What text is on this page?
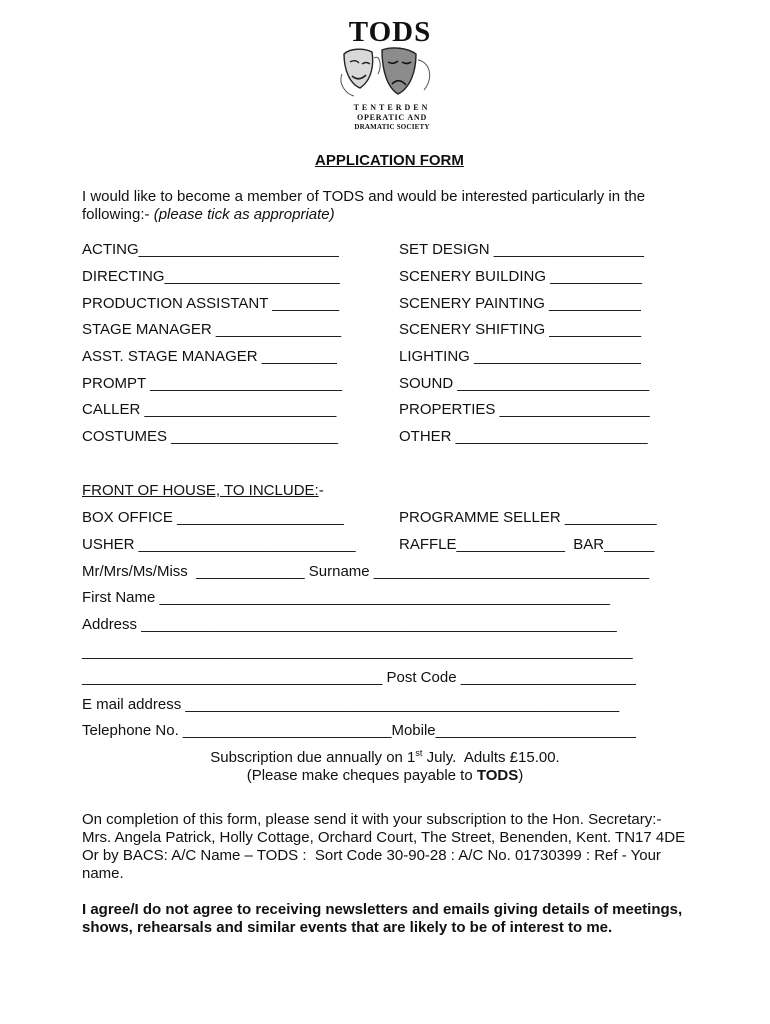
TODS
TENTERDEN
OPERATIC AND
DRAMATIC SOCIETY
APPLICATION FORM
I would like to become a member of TODS and would be interested particularly in the
following:- (please tick as appropriate)
ACTING________________________
DIRECTING_____________________
PRODUCTION ASSISTANT ________
STAGE MANAGER _______________
ASST. STAGE MANAGER _________
PROMPT _______________________
CALLER _______________________
COSTUMES ____________________
SET DESIGN __________________
SCENERY BUILDING ___________
SCENERY PAINTING ___________
SCENERY SHIFTING ___________
LIGHTING ____________________
SOUND _______________________
PROPERTIES __________________
OTHER _______________________
FRONT OF HOUSE, TO INCLUDE:-
BOX OFFICE ____________________
USHER __________________________
PROGRAMME SELLER ___________
RAFFLE_____________  BAR______
Mr/Mrs/Ms/Miss  _____________ Surname _________________________________
First Name ______________________________________________________
Address _________________________________________________________
__________________________________________________________________
____________________________________ Post Code _____________________
E mail address ____________________________________________________
Telephone No. _________________________Mobile________________________
Subscription due annually on 1st July.  Adults £15.00.
(Please make cheques payable to TODS)
On completion of this form, please send it with your subscription to the Hon. Secretary:-
Mrs. Angela Patrick, Holly Cottage, Orchard Court, The Street, Benenden, Kent. TN17 4DE
Or by BACS: A/C Name – TODS :  Sort Code 30-90-28 : A/C No. 01730399 : Ref - Your
name.
I agree/I do not agree to receiving newsletters and emails giving details of meetings,
shows, rehearsals and similar events that are likely to be of interest to me.
